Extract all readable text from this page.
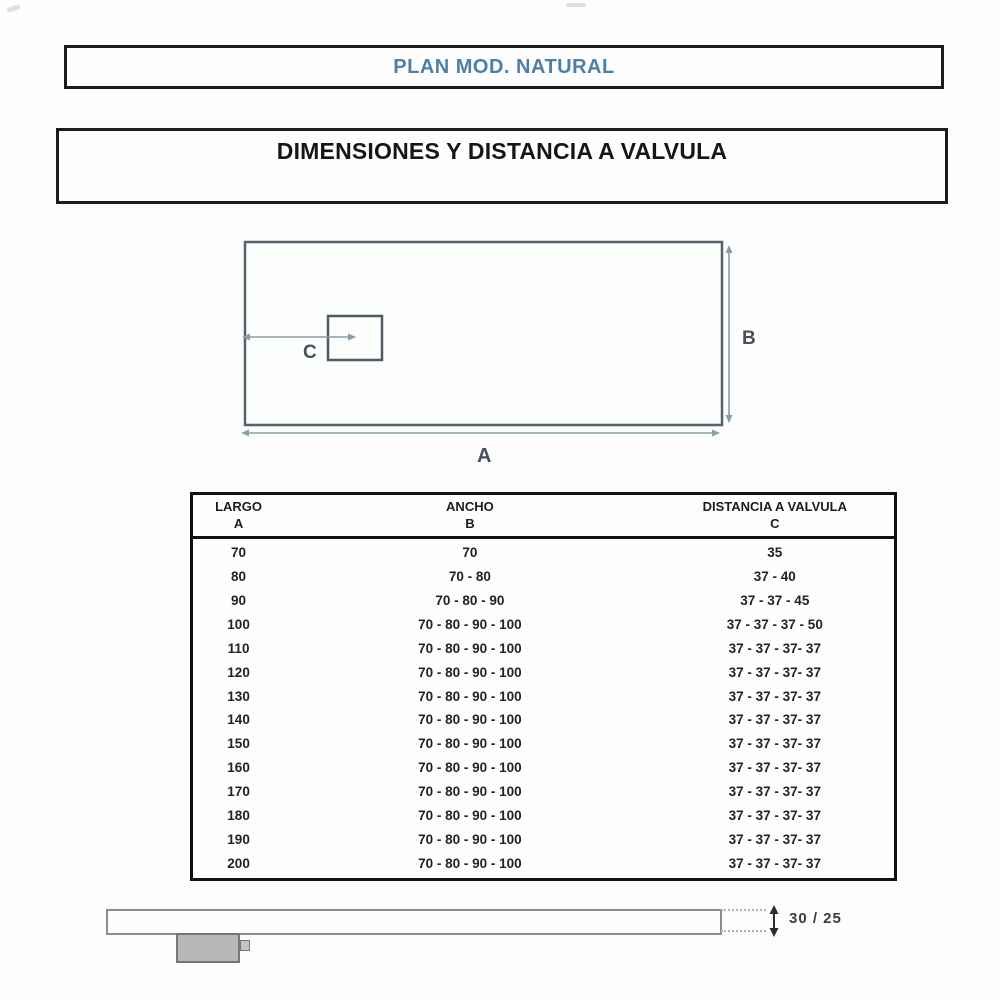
PLAN MOD. NATURAL
DIMENSIONES Y DISTANCIA A VALVULA
C
B
A
LARGO
A
ANCHO
B
DISTANCIA A VALVULA
C
70	70	35
80	70 - 80	37 - 40
90	70 - 80 - 90	37 - 37 - 45
100	70 - 80 - 90 - 100	37 - 37 - 37 - 50
110	70 - 80 - 90 - 100	37 - 37 - 37- 37
120	70 - 80 - 90 - 100	37 - 37 - 37- 37
130	70 - 80 - 90 - 100	37 - 37 - 37- 37
140	70 - 80 - 90 - 100	37 - 37 - 37- 37
150	70 - 80 - 90 - 100	37 - 37 - 37- 37
160	70 - 80 - 90 - 100	37 - 37 - 37- 37
170	70 - 80 - 90 - 100	37 - 37 - 37- 37
180	70 - 80 - 90 - 100	37 - 37 - 37- 37
190	70 - 80 - 90 - 100	37 - 37 - 37- 37
200	70 - 80 - 90 - 100	37 - 37 - 37- 37
30 / 25
